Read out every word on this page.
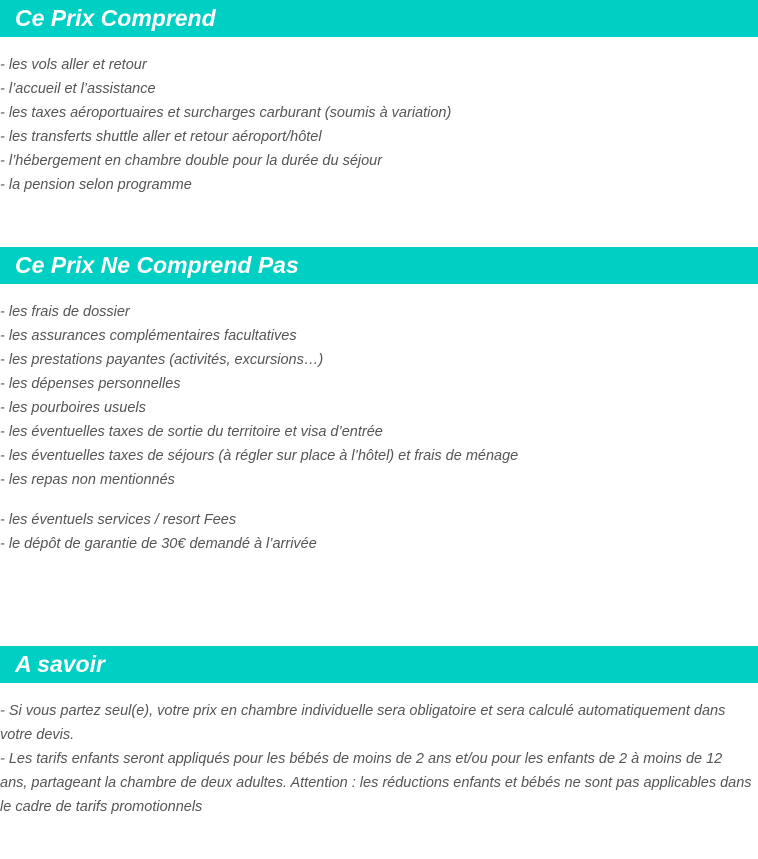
Ce Prix Comprend
- les vols aller et retour
- l’accueil et l’assistance
- les taxes aéroportuaires et surcharges carburant (soumis à variation)
- les transferts shuttle aller et retour aéroport/hôtel
- l’hébergement en chambre double pour la durée du séjour
- la pension selon programme
Ce Prix Ne Comprend Pas
- les frais de dossier
- les assurances complémentaires facultatives
- les prestations payantes (activités, excursions…)
- les dépenses personnelles
- les pourboires usuels
- les éventuelles taxes de sortie du territoire et visa d’entrée
- les éventuelles taxes de séjours (à régler sur place à l’hôtel) et frais de ménage
- les repas non mentionnés
- les éventuels services / resort Fees
- le dépôt de garantie de 30€ demandé à l’arrivée
A savoir

- Si vous partez seul(e), votre prix en chambre individuelle sera obligatoire et sera calculé automatiquement dans votre devis.

- Les tarifs enfants seront appliqués pour les bébés de moins de 2 ans et/ou pour les enfants de 2 à moins de 12 ans, partageant la chambre de deux adultes. Attention : les réductions enfants et bébés ne sont pas applicables dans le cadre de tarifs promotionnels
